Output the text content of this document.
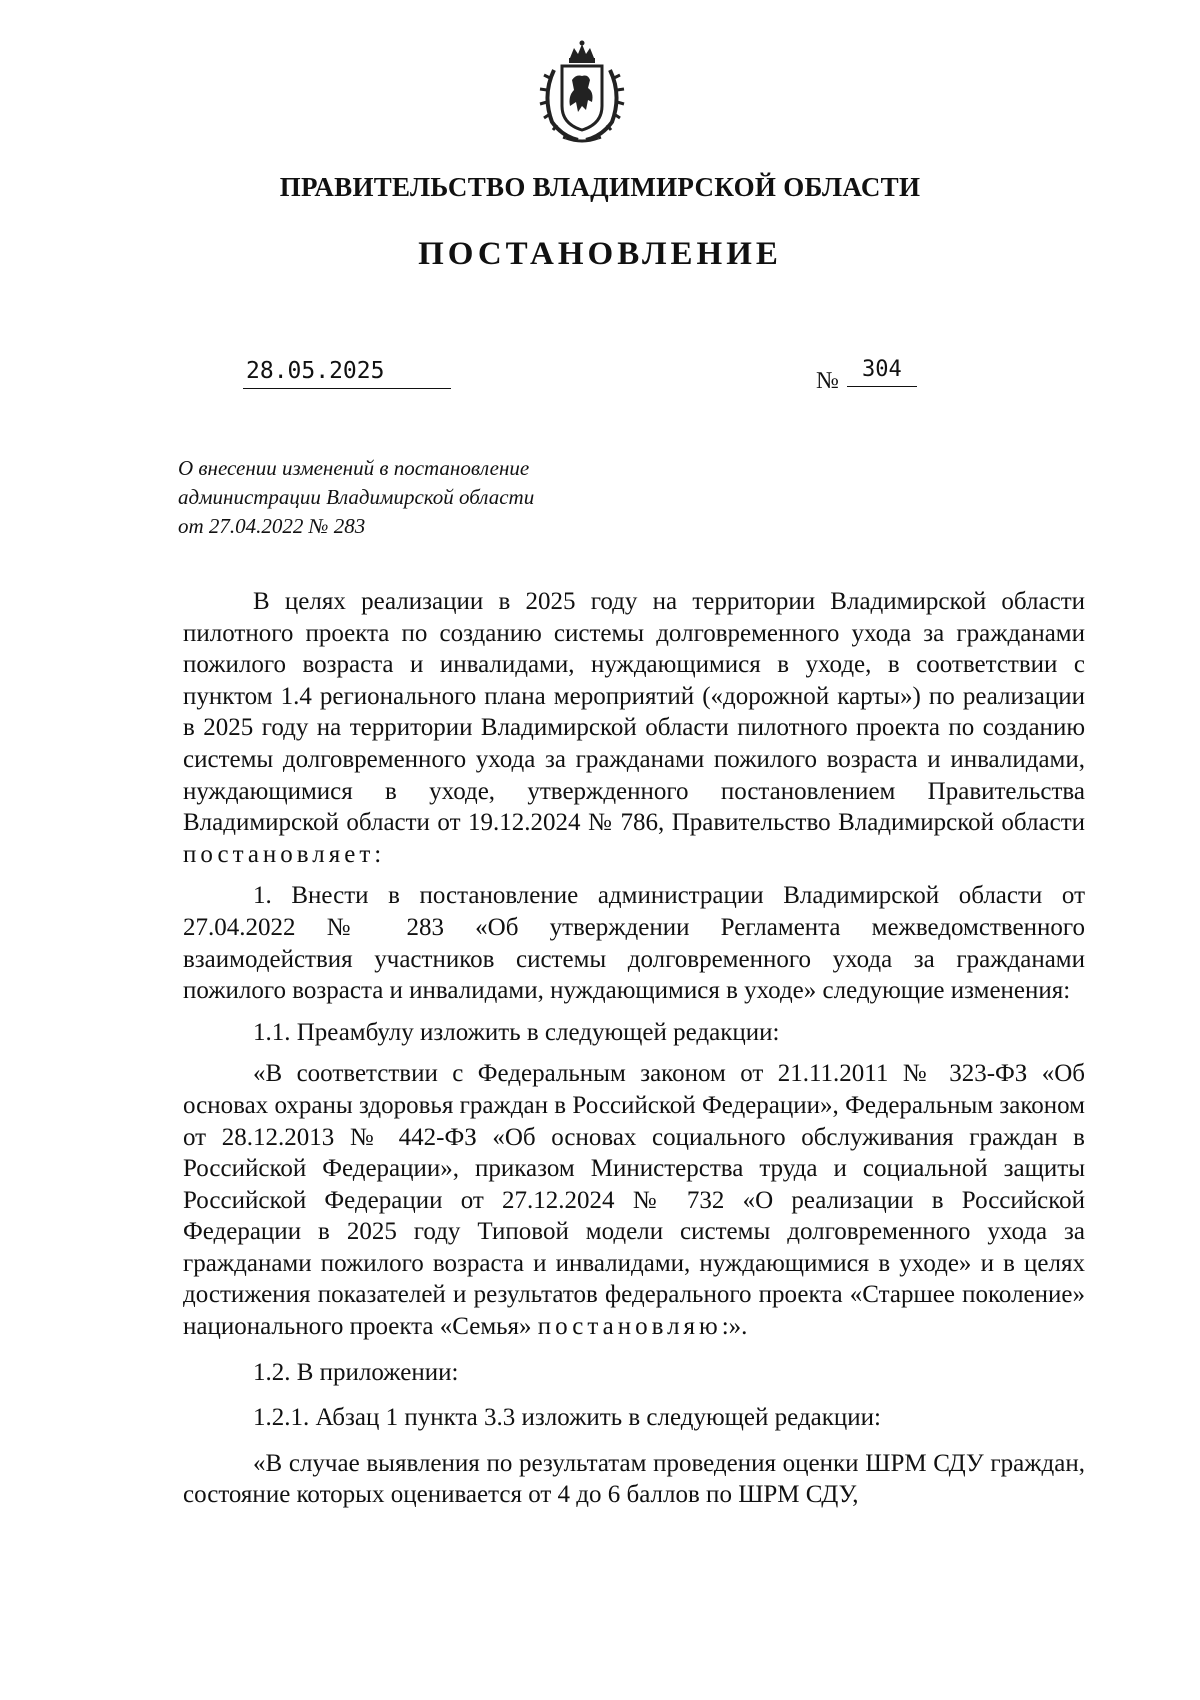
ПРАВИТЕЛЬСТВО ВЛАДИМИРСКОЙ ОБЛАСТИ
ПОСТАНОВЛЕНИЕ
28.05.2025	№ 304
О внесении изменений в постановление
администрации Владимирской области
от 27.04.2022 № 283

В целях реализации в 2025 году на территории Владимирской области пилотного проекта по созданию системы долговременного ухода за гражданами пожилого возраста и инвалидами, нуждающимися в уходе, в соответствии с пунктом 1.4 регионального плана мероприятий («дорожной карты») по реализации в 2025 году на территории Владимирской области пилотного проекта по созданию системы долговременного ухода за гражданами пожилого возраста и инвалидами, нуждающимися в уходе, утвержденного постановлением Правительства Владимирской области от 19.12.2024 № 786, Правительство Владимирской области постановляет:

1. Внести в постановление администрации Владимирской области от 27.04.2022 № 283 «Об утверждении Регламента межведомственного взаимодействия участников системы долговременного ухода за гражданами пожилого возраста и инвалидами, нуждающимися в уходе» следующие изменения:

1.1. Преамбулу изложить в следующей редакции:

«В соответствии с Федеральным законом от 21.11.2011 № 323-ФЗ «Об основах охраны здоровья граждан в Российской Федерации», Федеральным законом от 28.12.2013 № 442-ФЗ «Об основах социального обслуживания граждан в Российской Федерации», приказом Министерства труда и социальной защиты Российской Федерации от 27.12.2024 № 732 «О реализации в Российской Федерации в 2025 году Типовой модели системы долговременного ухода за гражданами пожилого возраста и инвалидами, нуждающимися в уходе» и в целях достижения показателей и результатов федерального проекта «Старшее поколение» национального проекта «Семья» постановляю:».

1.2. В приложении:

1.2.1. Абзац 1 пункта 3.3 изложить в следующей редакции:

«В случае выявления по результатам проведения оценки ШРМ СДУ граждан, состояние которых оценивается от 4 до 6 баллов по ШРМ СДУ,
